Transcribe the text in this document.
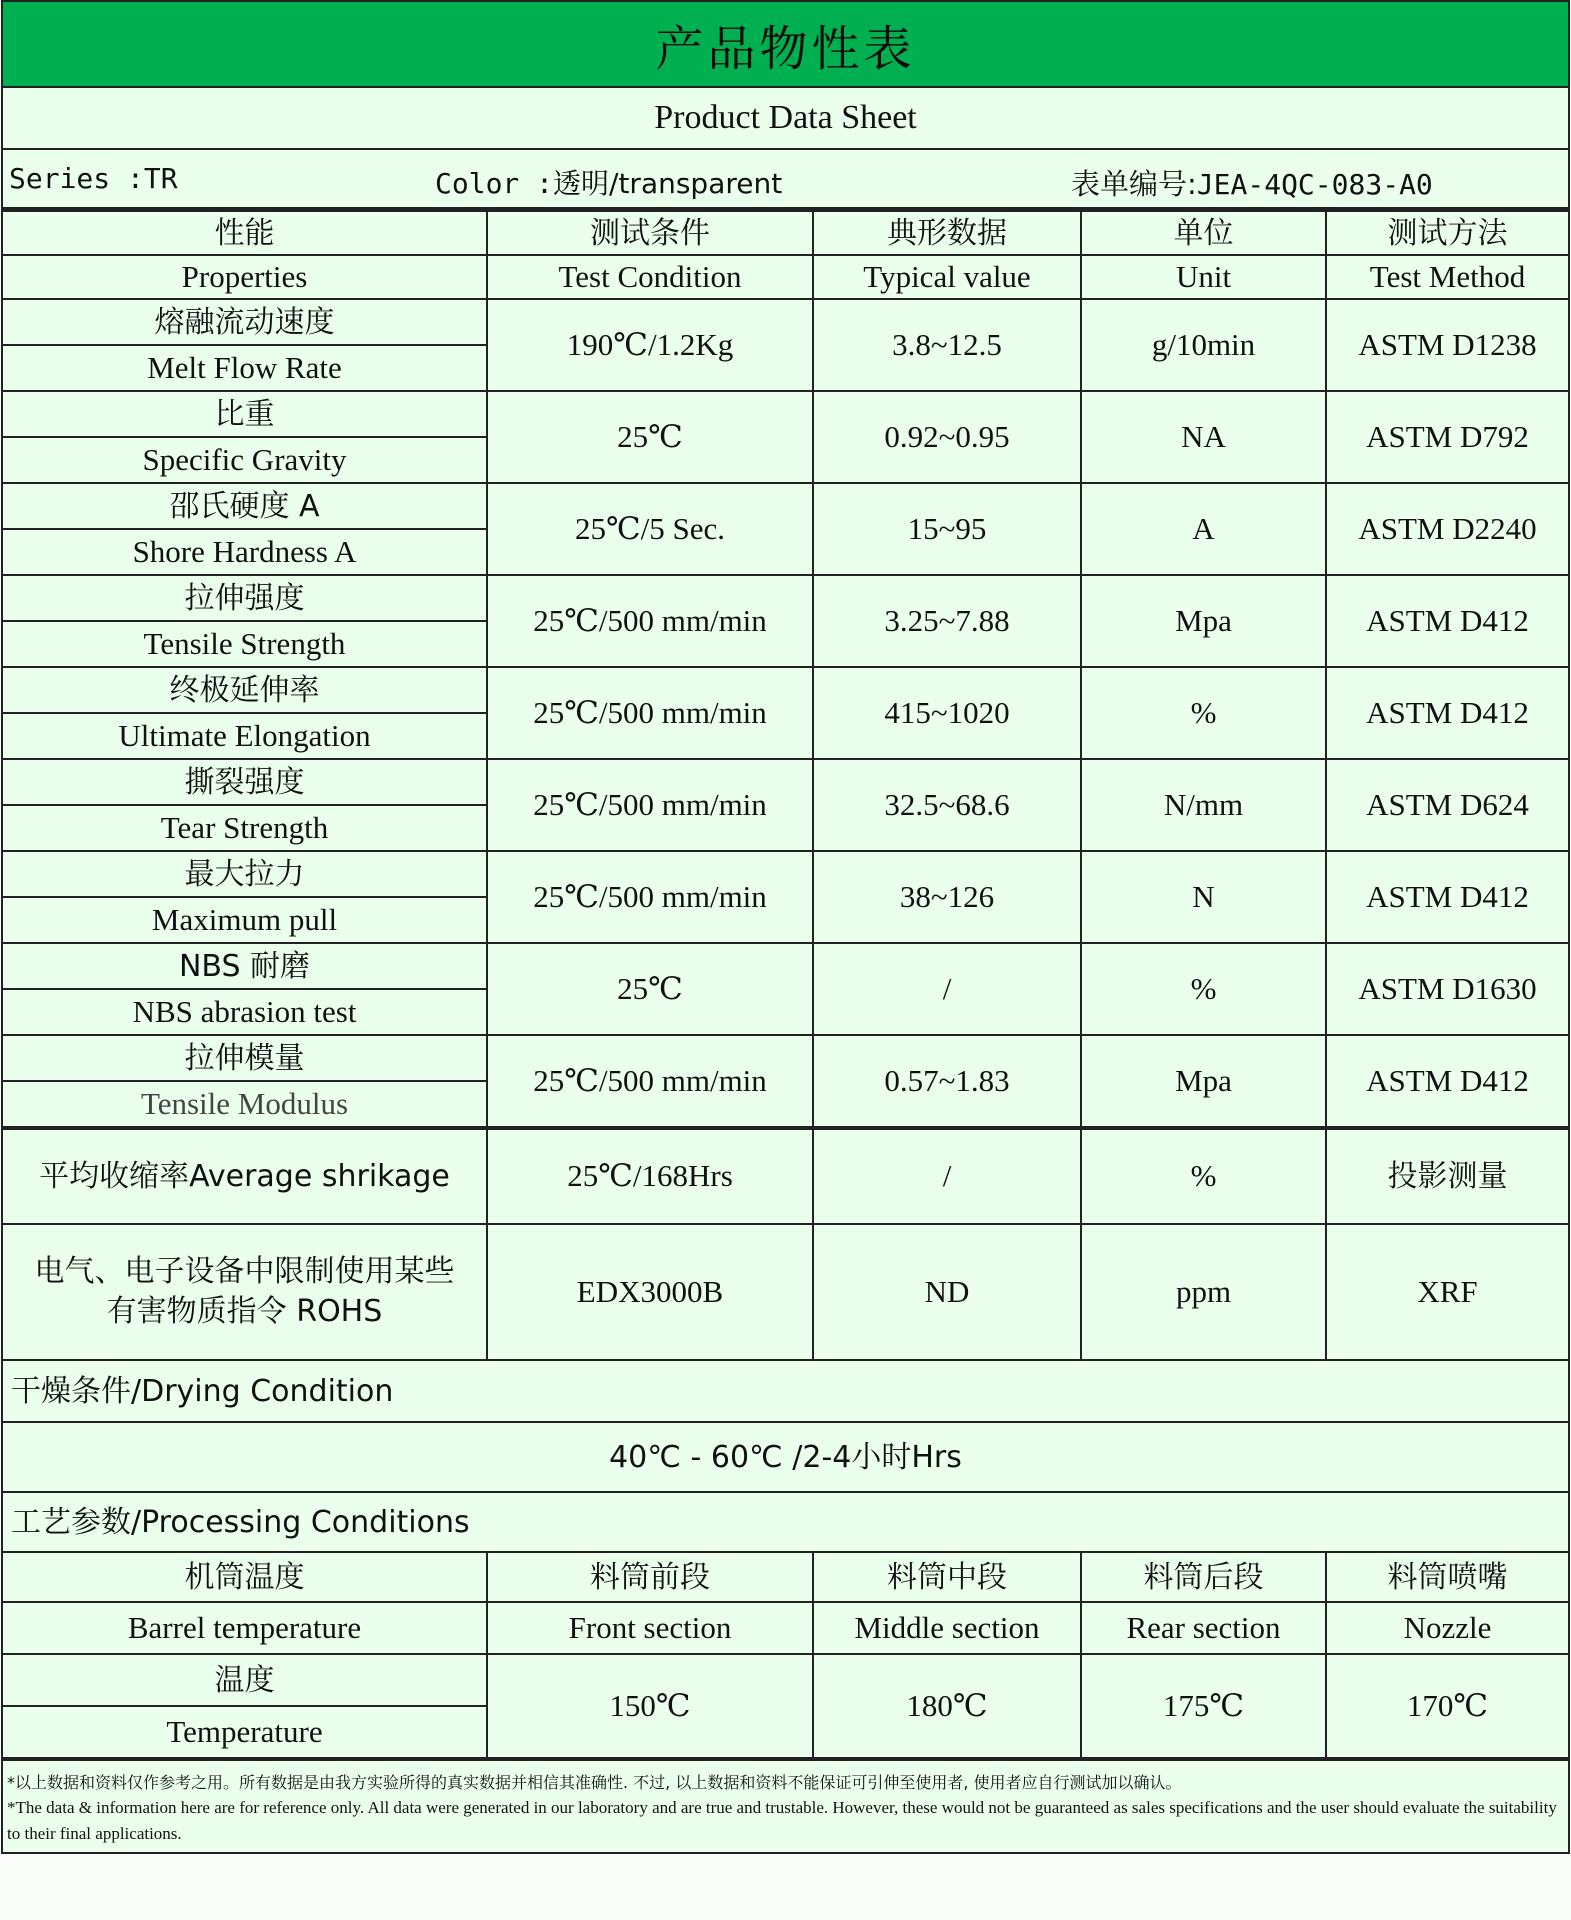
产品物性表
Product Data Sheet
Series :TR	Color :透明/transparent	表单编号:JEA-4QC-083-A0
性能	测试条件	典形数据	单位	测试方法
Properties	Test Condition	Typical value	Unit	Test Method
熔融流动速度	190℃/1.2Kg	3.8~12.5	g/10min	ASTM D1238
Melt Flow Rate				
比重	25℃	0.92~0.95	NA	ASTM D792
Specific Gravity				
邵氏硬度 A	25℃/5 Sec.	15~95	A	ASTM D2240
Shore Hardness A				
拉伸强度	25℃/500 mm/min	3.25~7.88	Mpa	ASTM D412
Tensile Strength				
终极延伸率	25℃/500 mm/min	415~1020	%	ASTM D412
Ultimate Elongation				
撕裂强度	25℃/500 mm/min	32.5~68.6	N/mm	ASTM D624
Tear Strength				
最大拉力	25℃/500 mm/min	38~126	N	ASTM D412
Maximum pull				
NBS 耐磨	25℃	/	%	ASTM D1630
NBS abrasion test				
拉伸模量	25℃/500 mm/min	0.57~1.83	Mpa	ASTM D412
Tensile Modulus				
平均收缩率Average shrikage	25℃/168Hrs	/	%	投影测量

电气、电子设备中限制使用某些
有害物质指令 ROHS	EDX3000B	ND	ppm	XRF
干燥条件/Drying Condition				
40℃ - 60℃ /2-4小时Hrs				
工艺参数/Processing Conditions				
机筒温度	料筒前段	料筒中段	料筒后段	料筒喷嘴
Barrel temperature	Front section	Middle section	Rear section	Nozzle
温度	150℃	180℃	175℃	170℃
Temperature				
*以上数据和资料仅作参考之用。所有数据是由我方实验所得的真实数据并相信其准确性. 不过, 以上数据和资料不能保证可引伸至使用者, 使用者应自行测试加以确认。
*The data & information here are for reference only. All data were generated in our laboratory and are true and trustable. However, these would not be guaranteed as sales specifications and the user should evaluate the suitability to their final applications.
